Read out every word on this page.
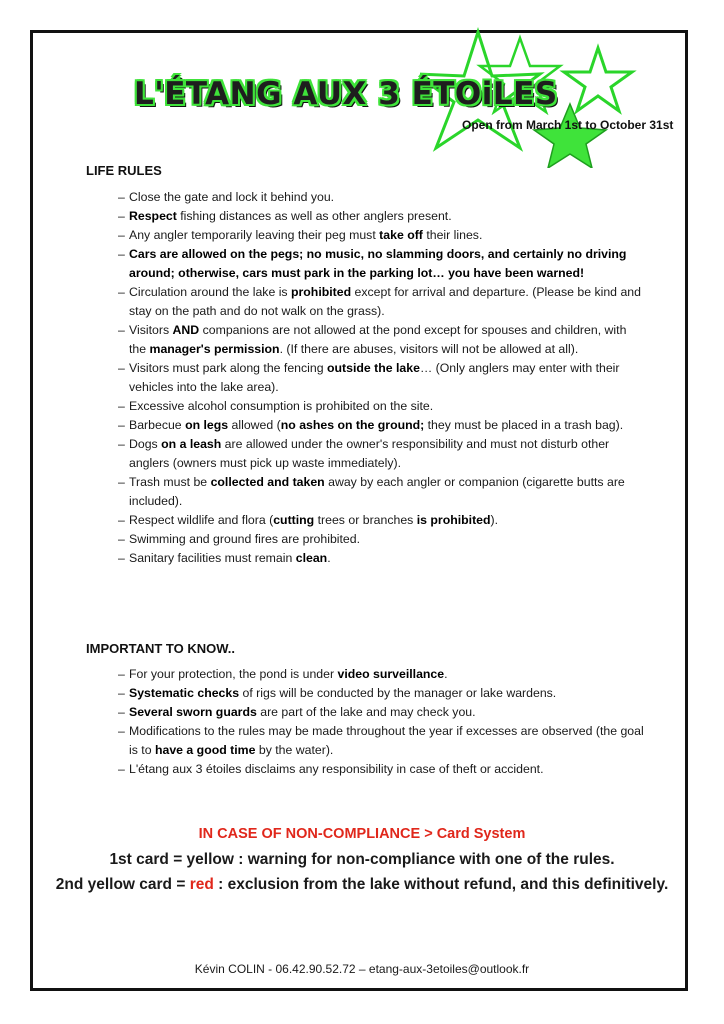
L'ÉTANG AUX 3 ÉTOiLES
Open from March 1st to October 31st
LIFE RULES
– Close the gate and lock it behind you.
– Respect fishing distances as well as other anglers present.
– Any angler temporarily leaving their peg must take off their lines.
– Cars are allowed on the pegs; no music, no slamming doors, and certainly no driving around; otherwise, cars must park in the parking lot… you have been warned!
– Circulation around the lake is prohibited except for arrival and departure. (Please be kind and stay on the path and do not walk on the grass).
– Visitors AND companions are not allowed at the pond except for spouses and children, with the manager's permission. (If there are abuses, visitors will not be allowed at all).
– Visitors must park along the fencing outside the lake… (Only anglers may enter with their vehicles into the lake area).
– Excessive alcohol consumption is prohibited on the site.
– Barbecue on legs allowed (no ashes on the ground; they must be placed in a trash bag).
– Dogs on a leash are allowed under the owner's responsibility and must not disturb other anglers (owners must pick up waste immediately).
– Trash must be collected and taken away by each angler or companion (cigarette butts are included).
– Respect wildlife and flora (cutting trees or branches is prohibited).
– Swimming and ground fires are prohibited.
– Sanitary facilities must remain clean.
IMPORTANT TO KNOW..
– For your protection, the pond is under video surveillance.
– Systematic checks of rigs will be conducted by the manager or lake wardens.
– Several sworn guards are part of the lake and may check you.
– Modifications to the rules may be made throughout the year if excesses are observed (the goal is to have a good time by the water).
– L'étang aux 3 étoiles disclaims any responsibility in case of theft or accident.
IN CASE OF NON-COMPLIANCE > Card System
1st card = yellow : warning for non-compliance with one of the rules.
2nd yellow card = red : exclusion from the lake without refund, and this definitively.
Kévin COLIN - 06.42.90.52.72 – etang-aux-3etoiles@outlook.fr
